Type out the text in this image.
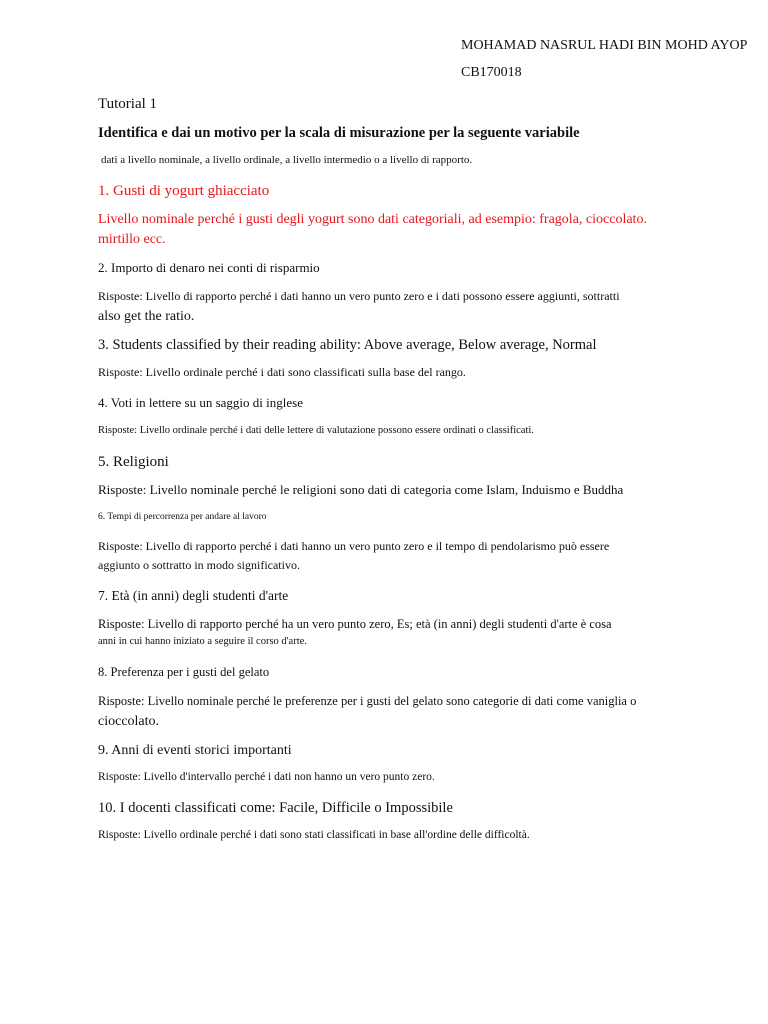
MOHAMAD NASRUL HADI BIN MOHD AYOP
CB170018
Tutorial 1
Identifica e dai un motivo per la scala di misurazione per la seguente variabile
dati a livello nominale, a livello ordinale, a livello intermedio o a livello di rapporto.
1. Gusti di yogurt ghiacciato
Livello nominale perché i gusti degli yogurt sono dati categoriali, ad esempio: fragola, cioccolato.
mirtillo ecc.
2. Importo di denaro nei conti di risparmio
Risposte: Livello di rapporto perché i dati hanno un vero punto zero e i dati possono essere aggiunti, sottratti
also get the ratio.
3. Students classified by their reading ability: Above average, Below average, Normal
Risposte: Livello ordinale perché i dati sono classificati sulla base del rango.
4. Voti in lettere su un saggio di inglese
Risposte: Livello ordinale perché i dati delle lettere di valutazione possono essere ordinati o classificati.
5. Religioni
Risposte: Livello nominale perché le religioni sono dati di categoria come Islam, Induismo e Buddha
6. Tempi di percorrenza per andare al lavoro
Risposte: Livello di rapporto perché i dati hanno un vero punto zero e il tempo di pendolarismo può essere
aggiunto o sottratto in modo significativo.
7. Età (in anni) degli studenti d'arte
Risposte: Livello di rapporto perché ha un vero punto zero, Es; età (in anni) degli studenti d'arte è cosa
anni in cui hanno iniziato a seguire il corso d'arte.
8. Preferenza per i gusti del gelato
Risposte: Livello nominale perché le preferenze per i gusti del gelato sono categorie di dati come vaniglia o
cioccolato.
9. Anni di eventi storici importanti
Risposte: Livello d'intervallo perché i dati non hanno un vero punto zero.
10. I docenti classificati come: Facile, Difficile o Impossibile
Risposte: Livello ordinale perché i dati sono stati classificati in base all'ordine delle difficoltà.
